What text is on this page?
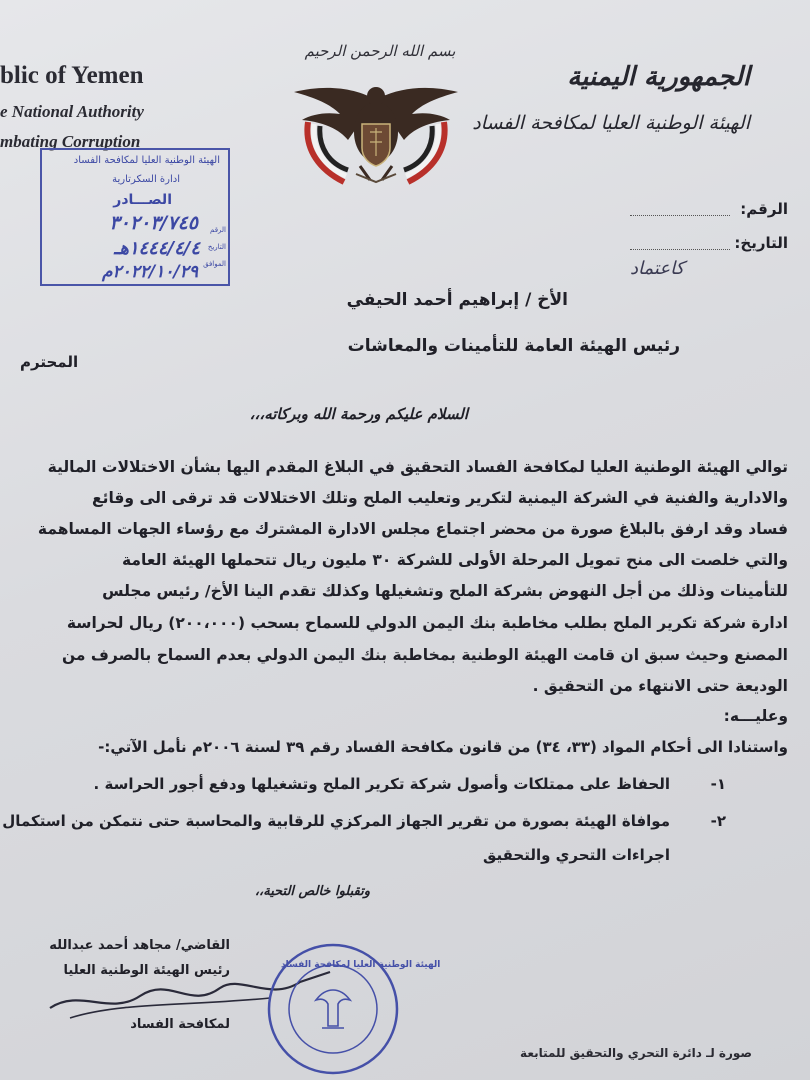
blic of Yemen
e National Authority
mbating Corruption
بسم الله الرحمن الرحيم
الجمهورية اليمنية
الهيئة الوطنية العليا لمكافحة الفساد
الرقم:
التاريخ:
الهيئة الوطنية العليا لمكافحة الفساد
ادارة السكرتارية
الصـــادر
٣٠٢٠٣/٧٤٥
١٤٤٤/٤/٤هـ
٢٠٢٢/١٠/٢٩م
الرقم
التاريخ
الموافق	كاعتماد
الأخ / إبراهيم أحمد الحيفي
رئيس الهيئة العامة للتأمينات والمعاشات
المحترم
السلام عليكم ورحمة الله وبركاته،،،
توالي الهيئة الوطنية العليا لمكافحة الفساد التحقيق في البلاغ المقدم اليها بشأن الاختلالات المالية
والادارية والفنية في الشركة اليمنية لتكرير وتعليب الملح وتلك الاختلالات قد ترقى الى وقائع
فساد وقد ارفق بالبلاغ صورة من محضر اجتماع مجلس الادارة المشترك مع رؤساء الجهات المساهمة
والتي خلصت الى منح تمويل المرحلة الأولى للشركة ٣٠ مليون ريال تتحملها الهيئة العامة
للتأمينات وذلك من أجل النهوض بشركة الملح وتشغيلها وكذلك تقدم الينا الأخ/ رئيس مجلس
ادارة شركة تكرير الملح بطلب مخاطبة بنك اليمن الدولي للسماح بسحب (٢٠٠،٠٠٠) ريال لحراسة
المصنع وحيث سبق ان قامت الهيئة الوطنية بمخاطبة بنك اليمن الدولي بعدم السماح بالصرف من
الوديعة حتى الانتهاء من التحقيق .
وعليـــه:
واستنادا الى أحكام المواد (٣٣، ٣٤) من قانون مكافحة الفساد رقم ٣٩ لسنة ٢٠٠٦م نأمل الآتي:-
١-
الحفاظ على ممتلكات وأصول شركة تكرير الملح وتشغيلها ودفع أجور الحراسة .
٢-
موافاة الهيئة بصورة من تقرير الجهاز المركزي للرقابية والمحاسبة حتى نتمكن من استكمال
اجراءات التحري والتحقيق
وتقبلوا خالص التحية،،
القاضي/ مجاهد أحمد عبدالله
رئيس الهيئة الوطنية العليا
لمكافحة الفساد
الهيئة الوطنية العليا لمكافحة الفساد
صورة لـ دائرة التحري والتحقيق للمتابعة
